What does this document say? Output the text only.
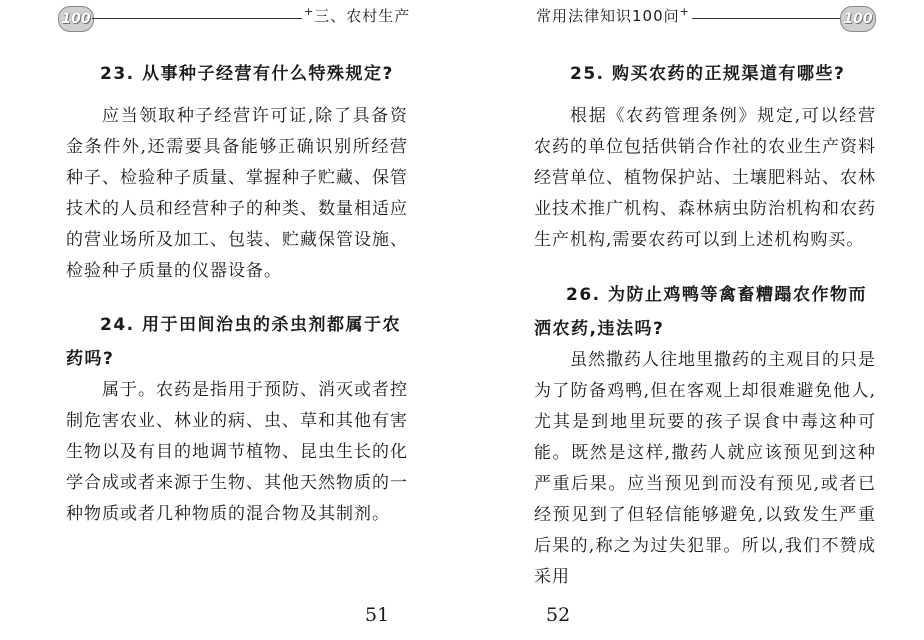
100	+三、农村生产

23. 从事种子经营有什么特殊规定?

应当领取种子经营许可证,除了具备资金条件外,还需要具备能够正确识别所经营种子、检验种子质量、掌握种子贮藏、保管技术的人员和经营种子的种类、数量相适应的营业场所及加工、包装、贮藏保管设施、检验种子质量的仪器设备。

24. 用于田间治虫的杀虫剂都属于农药吗?

属于。农药是指用于预防、消灭或者控制危害农业、林业的病、虫、草和其他有害生物以及有目的地调节植物、昆虫生长的化学合成或者来源于生物、其他天然物质的一种物质或者几种物质的混合物及其制剂。

51
常用法律知识100问+	100

25. 购买农药的正规渠道有哪些?

根据《农药管理条例》规定,可以经营农药的单位包括供销合作社的农业生产资料经营单位、植物保护站、土壤肥料站、农林业技术推广机构、森林病虫防治机构和农药生产机构,需要农药可以到上述机构购买。

26. 为防止鸡鸭等禽畜糟蹋农作物而洒农药,违法吗?

虽然撒药人往地里撒药的主观目的只是为了防备鸡鸭,但在客观上却很难避免他人,尤其是到地里玩要的孩子误食中毒这种可能。既然是这样,撒药人就应该预见到这种严重后果。应当预见到而没有预见,或者已经预见到了但轻信能够避免,以致发生严重后果的,称之为过失犯罪。所以,我们不赞成采用

52
